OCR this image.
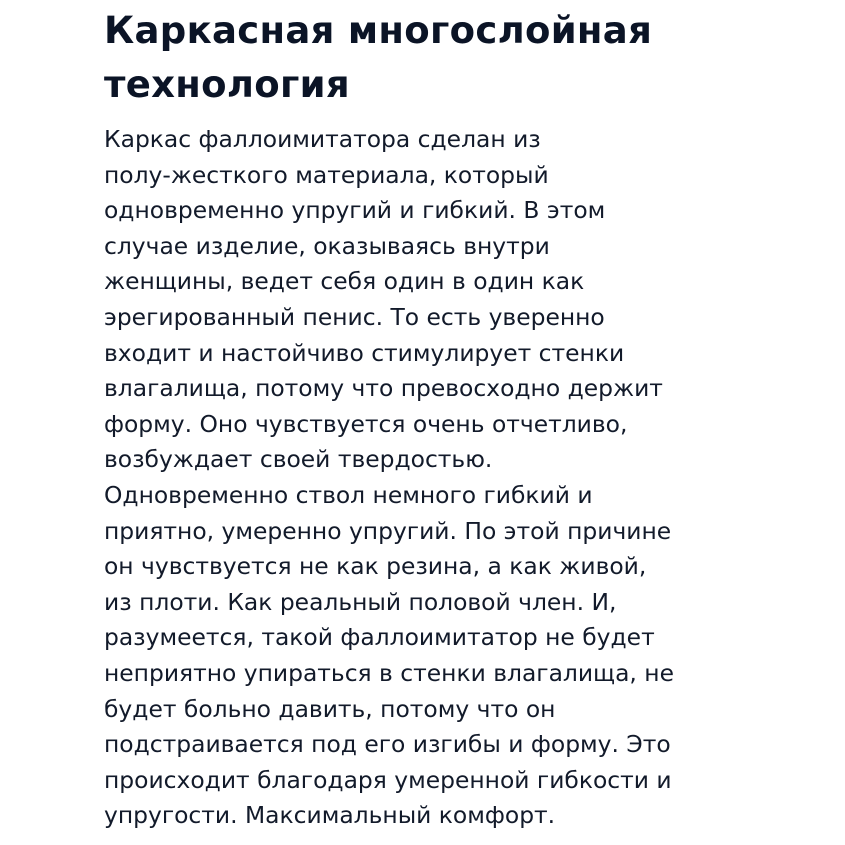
Каркасная многослойная
технология
Каркас фаллоимитатора сделан из
полу-жесткого материала, который
одновременно упругий и гибкий. В этом
случае изделие, оказываясь внутри
женщины, ведет себя один в один как
эрегированный пенис. То есть уверенно
входит и настойчиво стимулирует стенки
влагалища, потому что превосходно держит
форму. Оно чувствуется очень отчетливо,
возбуждает своей твердостью.
Одновременно ствол немного гибкий и
приятно, умеренно упругий. По этой причине
он чувствуется не как резина, а как живой,
из плоти. Как реальный половой член. И,
разумеется, такой фаллоимитатор не будет
неприятно упираться в стенки влагалища, не
будет больно давить, потому что он
подстраивается под его изгибы и форму. Это
происходит благодаря умеренной гибкости и
упругости. Максимальный комфорт.
